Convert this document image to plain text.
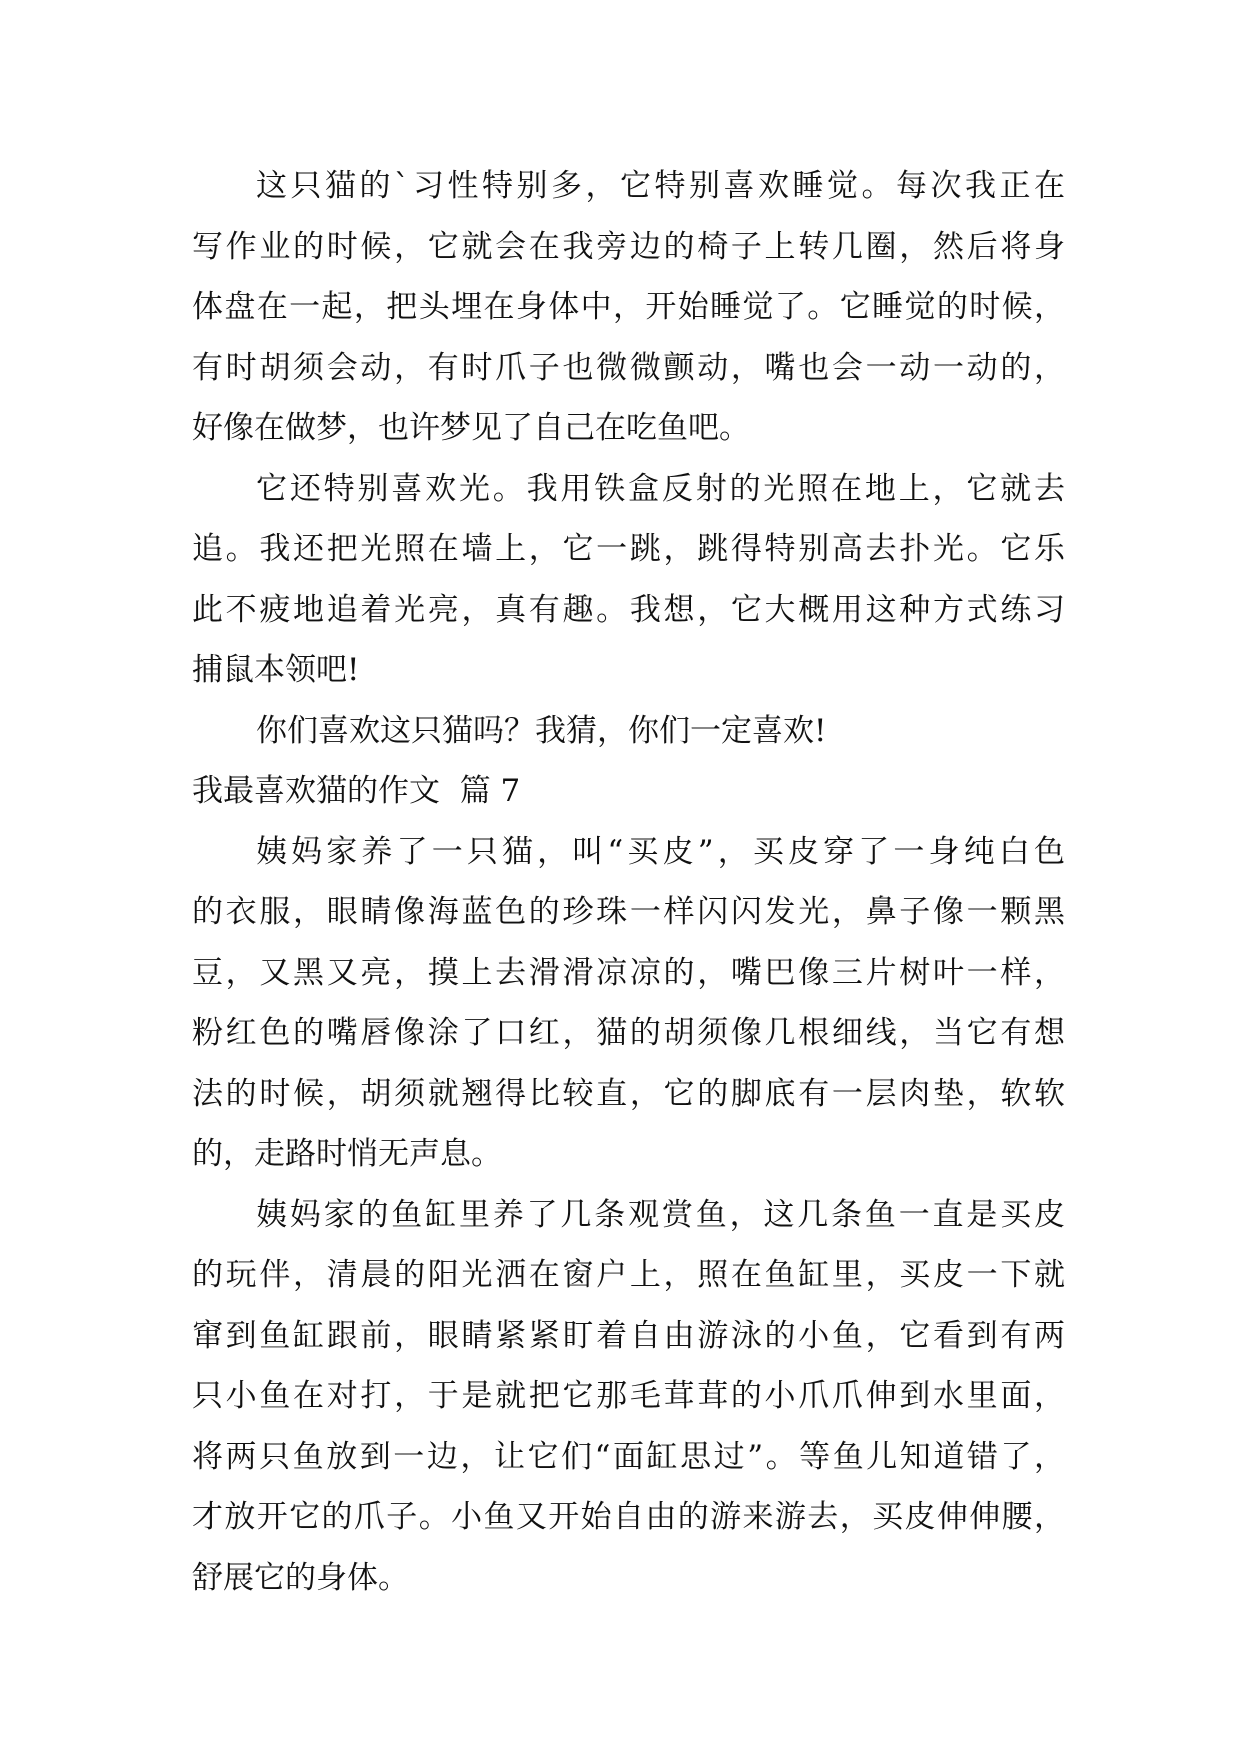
这只猫的`习性特别多，它特别喜欢睡觉。每次我正在
写作业的时候，它就会在我旁边的椅子上转几圈，然后将身
体盘在一起，把头埋在身体中，开始睡觉了。它睡觉的时候，
有时胡须会动，有时爪子也微微颤动，嘴也会一动一动的，
好像在做梦，也许梦见了自己在吃鱼吧。
它还特别喜欢光。我用铁盒反射的光照在地上，它就去
追。我还把光照在墙上，它一跳，跳得特别高去扑光。它乐
此不疲地追着光亮，真有趣。我想，它大概用这种方式练习
捕鼠本领吧!
你们喜欢这只猫吗？我猜，你们一定喜欢!
我最喜欢猫的作文  篇 7
姨妈家养了一只猫，叫“买皮”，买皮穿了一身纯白色
的衣服，眼睛像海蓝色的珍珠一样闪闪发光，鼻子像一颗黑
豆，又黑又亮，摸上去滑滑凉凉的，嘴巴像三片树叶一样，
粉红色的嘴唇像涂了口红，猫的胡须像几根细线，当它有想
法的时候，胡须就翘得比较直，它的脚底有一层肉垫，软软
的，走路时悄无声息。
姨妈家的鱼缸里养了几条观赏鱼，这几条鱼一直是买皮
的玩伴，清晨的阳光洒在窗户上，照在鱼缸里，买皮一下就
窜到鱼缸跟前，眼睛紧紧盯着自由游泳的小鱼，它看到有两
只小鱼在对打，于是就把它那毛茸茸的小爪爪伸到水里面，
将两只鱼放到一边，让它们“面缸思过”。等鱼儿知道错了，
才放开它的爪子。小鱼又开始自由的游来游去，买皮伸伸腰，
舒展它的身体。
